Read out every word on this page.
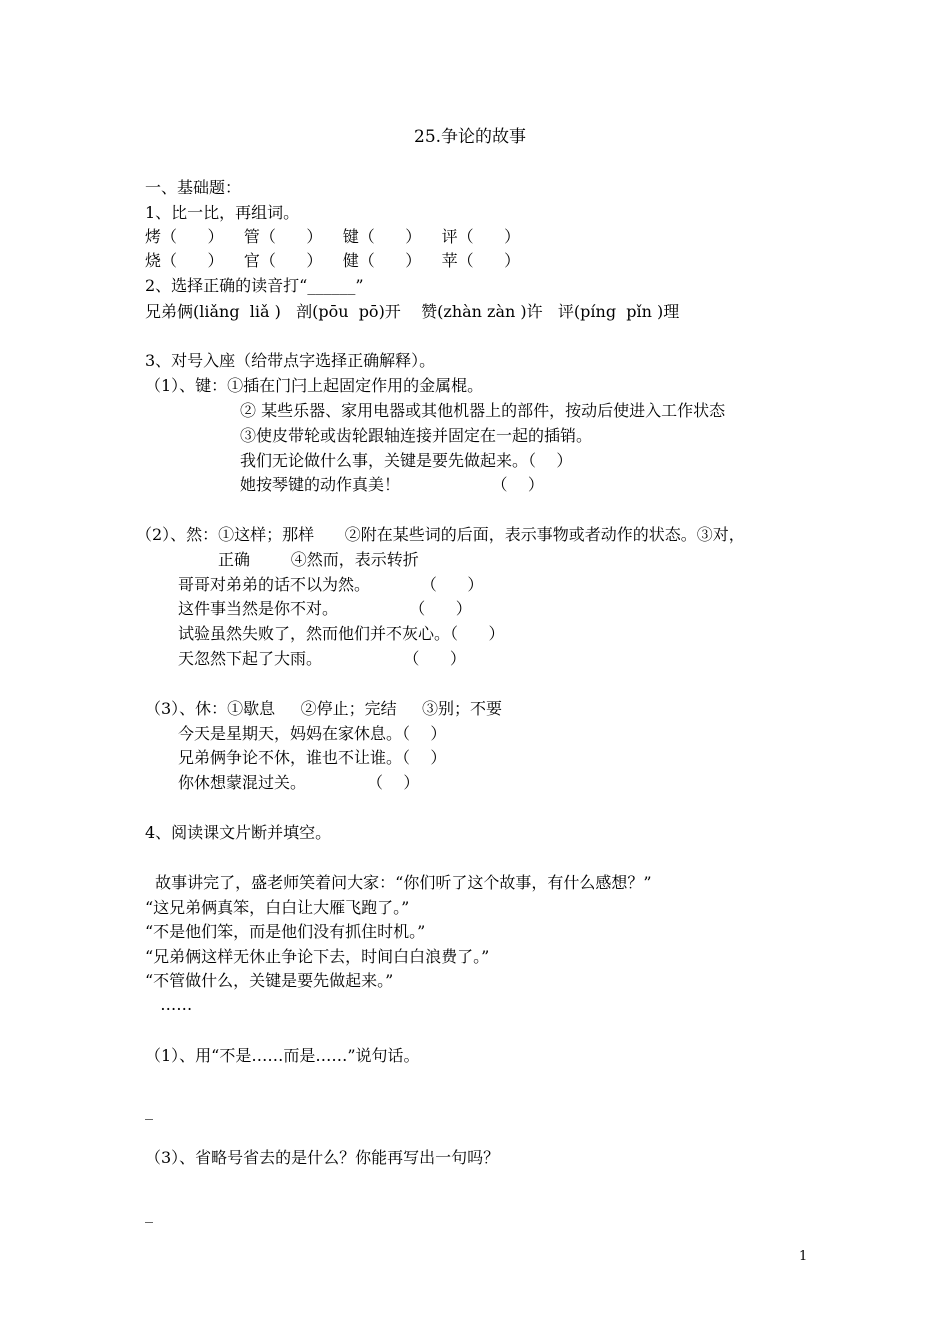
25.争论的故事
一、基础题：
1、比一比，再组词。
烤（      ）    管（      ）    键（      ）    评（      ）
烧（      ）    官（      ）    健（      ）    苹（      ）
2、选择正确的读音打“______”
兄弟俩(liǎng  liǎ )   剖(pōu  pō)开    赞(zhàn zàn )许   评(píng  pǐn )理
3、对号入座（给带点字选择正确解释）。
（1）、键：①插在门闩上起固定作用的金属棍。
② 某些乐器、家用电器或其他机器上的部件，按动后使进入工作状态
③使皮带轮或齿轮跟轴连接并固定在一起的插销。
我们无论做什么事，关键是要先做起来。（    ）
她按琴键的动作真美！                  （    ）
（2）、然：①这样；那样      ②附在某些词的后面，表示事物或者动作的状态。③对，
正确        ④然而，表示转折
哥哥对弟弟的话不以为然。          （      ）
这件事当然是你不对。              （      ）
试验虽然失败了，然而他们并不灰心。（      ）
天忽然下起了大雨。                （      ）
（3）、休：①歇息     ②停止；完结     ③别；不要
今天是星期天，妈妈在家休息。（    ）
兄弟俩争论不休，谁也不让谁。（    ）
你休想蒙混过关。            （    ）
4、阅读课文片断并填空。
故事讲完了，盛老师笑着问大家：“你们听了这个故事，有什么感想？”
“这兄弟俩真笨，白白让大雁飞跑了。”
“不是他们笨，而是他们没有抓住时机。”
“兄弟俩这样无休止争论下去，时间白白浪费了。”
“不管做什么，关键是要先做起来。”
……
（1）、用“不是……而是……”说句话。
_
（3）、省略号省去的是什么？你能再写出一句吗？
_
1
